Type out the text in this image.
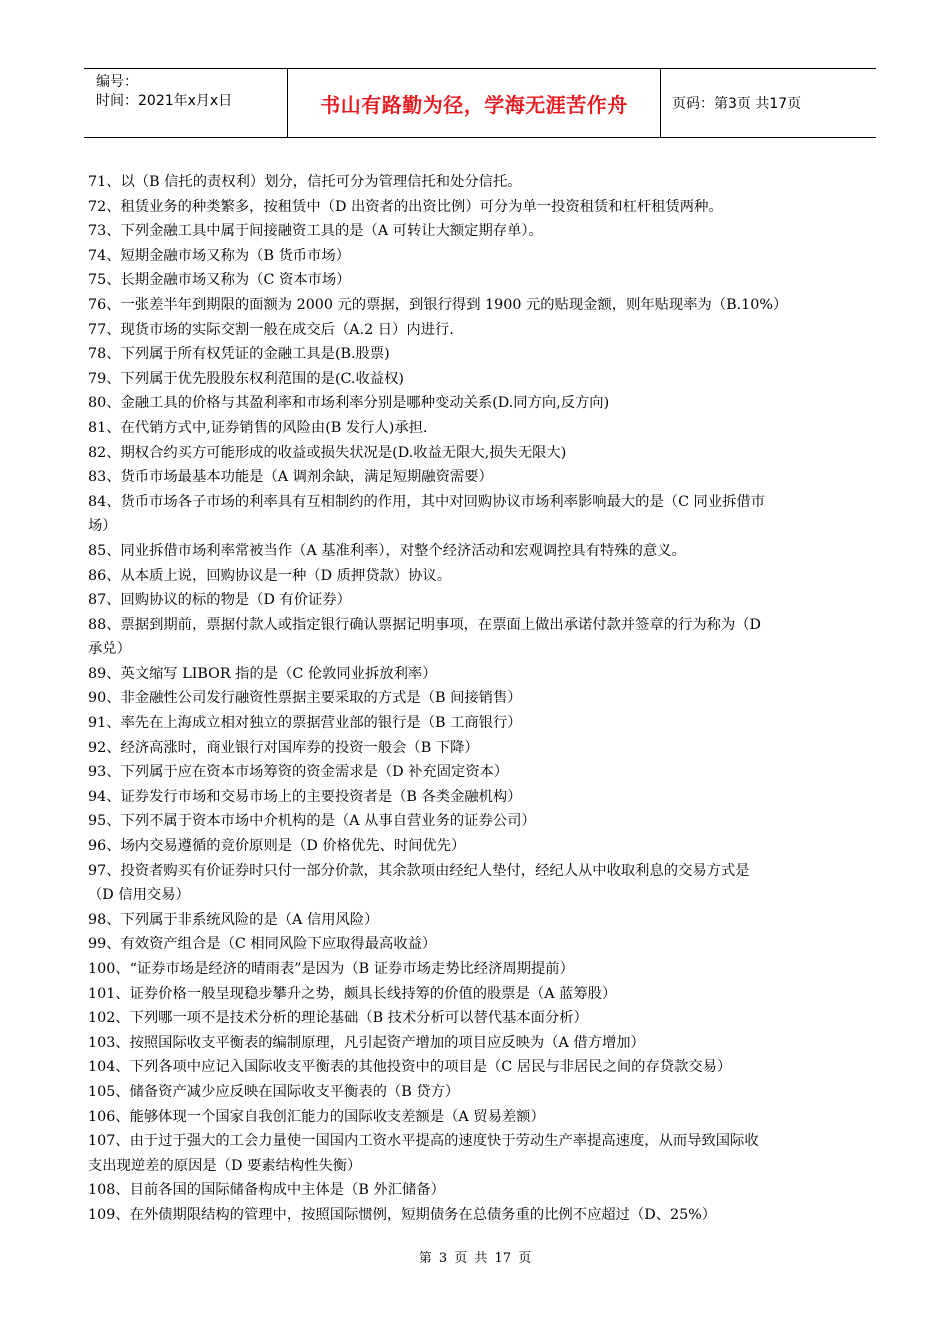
编号：
时间：2021年x月x日	书山有路勤为径，学海无涯苦作舟	页码：第3页 共17页
71、以（B 信托的责权利）划分，信托可分为管理信托和处分信托。
72、租赁业务的种类繁多，按租赁中（D 出资者的出资比例）可分为单一投资租赁和杠杆租赁两种。
73、下列金融工具中属于间接融资工具的是（A 可转让大额定期存单）。
74、短期金融市场又称为（B 货币市场）
75、长期金融市场又称为（C 资本市场）
76、一张差半年到期限的面额为 2000 元的票据，到银行得到 1900 元的贴现金额，则年贴现率为（B.10%）
77、现货市场的实际交割一般在成交后（A.2 日）内进行.
78、下列属于所有权凭证的金融工具是(B.股票)
79、下列属于优先股股东权利范围的是(C.收益权)
80、金融工具的价格与其盈利率和市场利率分别是哪种变动关系(D.同方向,反方向)
81、在代销方式中,证券销售的风险由(B 发行人)承担.
82、期权合约买方可能形成的收益或损失状况是(D.收益无限大,损失无限大)
83、货币市场最基本功能是（A 调剂余缺，满足短期融资需要）
84、货币市场各子市场的利率具有互相制约的作用，其中对回购协议市场利率影响最大的是（C 同业拆借市
场）
85、同业拆借市场利率常被当作（A 基准利率），对整个经济活动和宏观调控具有特殊的意义。
86、从本质上说，回购协议是一种（D 质押贷款）协议。
87、回购协议的标的物是（D 有价证券）
88、票据到期前，票据付款人或指定银行确认票据记明事项，在票面上做出承诺付款并签章的行为称为（D
承兑）
89、英文缩写 LIBOR 指的是（C 伦敦同业拆放利率）
90、非金融性公司发行融资性票据主要采取的方式是（B 间接销售）
91、率先在上海成立相对独立的票据营业部的银行是（B 工商银行）
92、经济高涨时，商业银行对国库券的投资一般会（B 下降）
93、下列属于应在资本市场筹资的资金需求是（D 补充固定资本）
94、证券发行市场和交易市场上的主要投资者是（B 各类金融机构）
95、下列不属于资本市场中介机构的是（A 从事自营业务的证券公司）
96、场内交易遵循的竞价原则是（D 价格优先、时间优先）
97、投资者购买有价证券时只付一部分价款，其余款项由经纪人垫付，经纪人从中收取利息的交易方式是
（D 信用交易）
98、下列属于非系统风险的是（A 信用风险）
99、有效资产组合是（C 相同风险下应取得最高收益）
100、“证券市场是经济的晴雨表”是因为（B 证券市场走势比经济周期提前）
101、证券价格一般呈现稳步攀升之势，颇具长线持筹的价值的股票是（A 蓝筹股）
102、下列哪一项不是技术分析的理论基础（B 技术分析可以替代基本面分析）
103、按照国际收支平衡表的编制原理，凡引起资产增加的项目应反映为（A 借方增加）
104、下列各项中应记入国际收支平衡表的其他投资中的项目是（C 居民与非居民之间的存贷款交易）
105、储备资产减少应反映在国际收支平衡表的（B 贷方）
106、能够体现一个国家自我创汇能力的国际收支差额是（A 贸易差额）
107、由于过于强大的工会力量使一国国内工资水平提高的速度快于劳动生产率提高速度，从而导致国际收
支出现逆差的原因是（D 要素结构性失衡）
108、目前各国的国际储备构成中主体是（B 外汇储备）
109、在外债期限结构的管理中，按照国际惯例，短期债务在总债务重的比例不应超过（D、25%）
第 3 页 共 17 页
